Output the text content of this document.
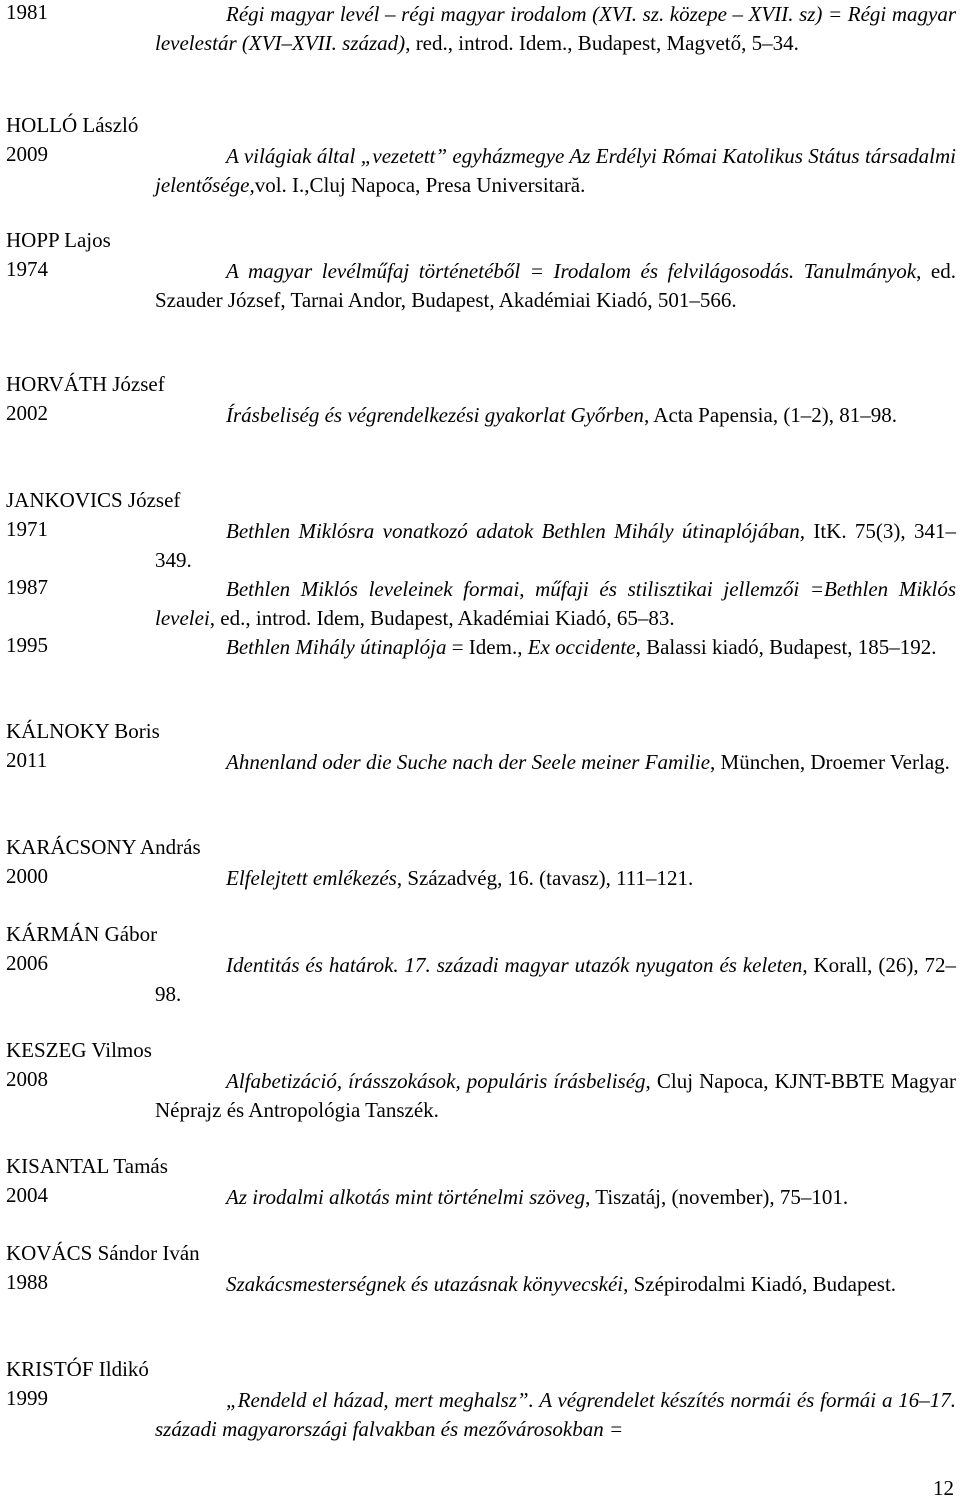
1981	Régi magyar levél – régi magyar irodalom (XVI. sz. közepe – XVII. sz) = Régi magyar levelestár (XVI–XVII. század), red., introd. Idem., Budapest, Magvető, 5–34.
HOLLÓ László
2009	A világiak által „vezetett” egyházmegye Az Erdélyi Római Katolikus Státus társadalmi jelentősége,vol. I.,Cluj Napoca, Presa Universitară.
HOPP Lajos
1974	A magyar levélműfaj történetéből = Irodalom és felvilágosodás. Tanulmányok, ed. Szauder József, Tarnai Andor, Budapest, Akadémiai Kiadó, 501–566.
HORVÁTH József
2002	Írásbeliség és végrendelkezési gyakorlat Győrben, Acta Papensia, (1–2), 81–98.
JANKOVICS József
1971	Bethlen Miklósra vonatkozó adatok Bethlen Mihály útinaplójában, ItK. 75(3), 341–349.
1987	Bethlen Miklós leveleinek formai, műfaji és stilisztikai jellemzői =Bethlen Miklós levelei, ed., introd. Idem, Budapest, Akadémiai Kiadó, 65–83.
1995	Bethlen Mihály útinaplója = Idem., Ex occidente, Balassi kiadó, Budapest, 185–192.
KÁLNOKY Boris
2011	Ahnenland oder die Suche nach der Seele meiner Familie, München, Droemer Verlag.
KARÁCSONY András
2000	Elfelejtett emlékezés, Századvég, 16. (tavasz), 111–121.
KÁRMÁN Gábor
2006	Identitás és határok. 17. századi magyar utazók nyugaton és keleten, Korall, (26), 72–98.
KESZEG Vilmos
2008	Alfabetizáció, írásszokások, populáris írásbeliség, Cluj Napoca, KJNT-BBTE Magyar Néprajz és Antropológia Tanszék.
KISANTAL Tamás
2004	Az irodalmi alkotás mint történelmi szöveg, Tiszatáj, (november), 75–101.
KOVÁCS Sándor Iván
1988	Szakácsmesterségnek és utazásnak könyvecskéi, Szépirodalmi Kiadó, Budapest.
KRISTÓF Ildikó
1999	„Rendeld el házad, mert meghalsz”. A végrendelet készítés normái és formái a 16–17. századi magyarországi falvakban és mezővárosokban =
12
